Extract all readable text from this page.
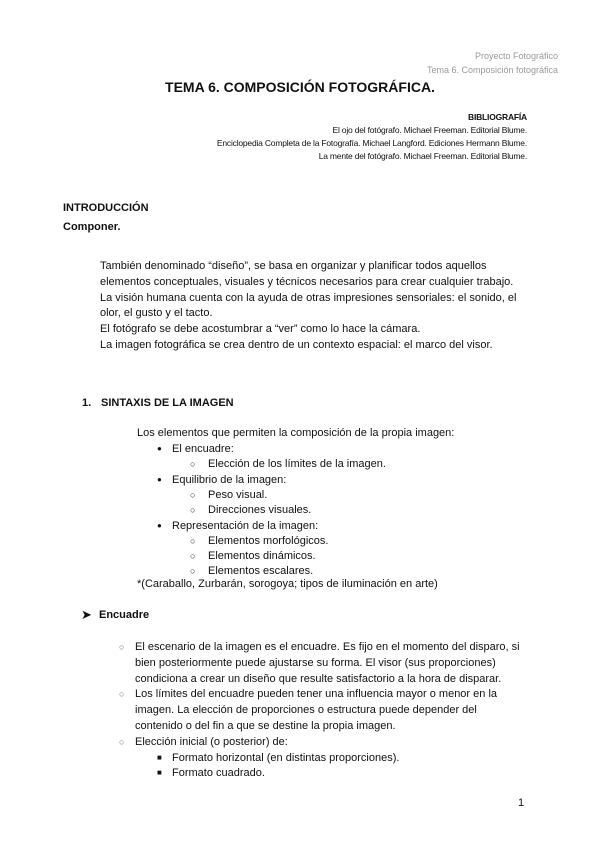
Proyecto Fotográfico
Tema 6. Composición fotográfica
TEMA 6. COMPOSICIÓN FOTOGRÁFICA.
BIBLIOGRAFÍA
El ojo del fotógrafo. Michael Freeman. Editorial Blume.
Enciclopedia Completa de la Fotografía. Michael Langford. Ediciones Hermann Blume.
La mente del fotógrafo. Michael Freeman. Editorial Blume.
INTRODUCCIÓN
Componer.
1. SINTAXIS DE LA IMAGEN
Los elementos que permiten la composición de la propia imagen:
*(Caraballo, Zurbarán, sorogoya; tipos de iluminación en arte)
➤ Encuadre
1
También denominado “diseño”, se basa en organizar y planificar todos aquellos
elementos conceptuales, visuales y técnicos necesarios para crear cualquier trabajo.
La visión humana cuenta con la ayuda de otras impresiones sensoriales: el sonido, el
olor, el gusto y el tacto.
El fotógrafo se debe acostumbrar a “ver” como lo hace la cámara.
La imagen fotográfica se crea dentro de un contexto espacial: el marco del visor.
● El encuadre:
○ Elección de los límites de la imagen.
● Equilibrio de la imagen:
○ Peso visual.
○ Direcciones visuales.
● Representación de la imagen:
○ Elementos morfológicos.
○ Elementos dinámicos.
○ Elementos escalares.
○ El escenario de la imagen es el encuadre. Es fijo en el momento del disparo, si
bien posteriormente puede ajustarse su forma. El visor (sus proporciones)
condiciona a crear un diseño que resulte satisfactorio a la hora de disparar.
○ Los límites del encuadre pueden tener una influencia mayor o menor en la
imagen. La elección de proporciones o estructura puede depender del
contenido o del fin a que se destine la propia imagen.
○ Elección inicial (o posterior) de:
■ Formato horizontal (en distintas proporciones).
■ Formato cuadrado.
